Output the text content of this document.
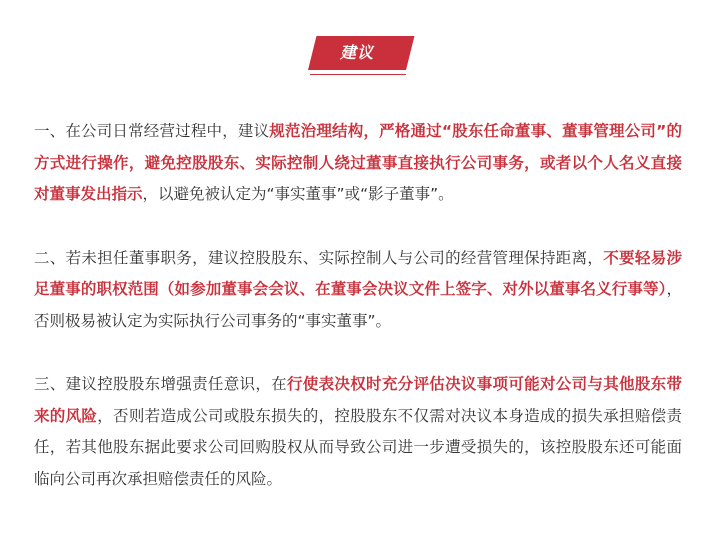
建议

一、在公司日常经营过程中，建议规范治理结构，严格通过“股东任命董事、董事管理公司”的方式进行操作，避免控股股东、实际控制人绕过董事直接执行公司事务，或者以个人名义直接对董事发出指示，以避免被认定为“事实董事”或“影子董事”。

二、若未担任董事职务，建议控股股东、实际控制人与公司的经营管理保持距离，不要轻易涉足董事的职权范围（如参加董事会会议、在董事会决议文件上签字、对外以董事名义行事等），否则极易被认定为实际执行公司事务的“事实董事”。

三、建议控股股东增强责任意识，在行使表决权时充分评估决议事项可能对公司与其他股东带来的风险，否则若造成公司或股东损失的，控股股东不仅需对决议本身造成的损失承担赔偿责任，若其他股东据此要求公司回购股权从而导致公司进一步遭受损失的，该控股股东还可能面临向公司再次承担赔偿责任的风险。
